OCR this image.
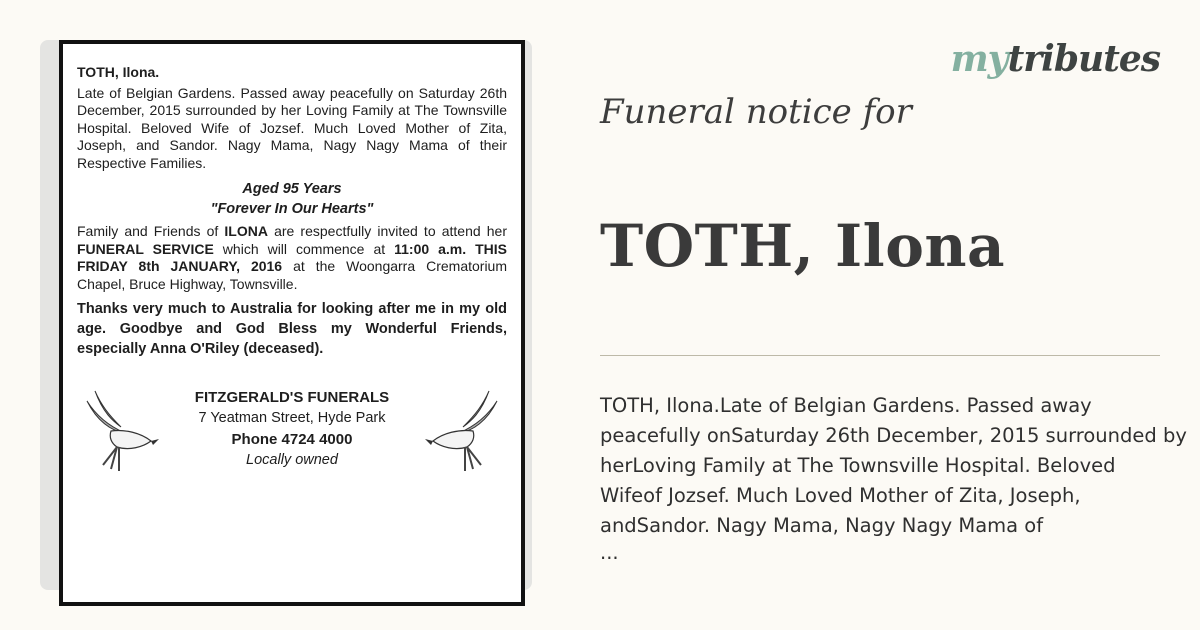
TOTH, Ilona.

Late of Belgian Gardens. Passed away peacefully on Saturday 26th December, 2015 surrounded by her Loving Family at The Townsville Hospital. Beloved Wife of Jozsef. Much Loved Mother of Zita, Joseph, and Sandor. Nagy Mama, Nagy Nagy Mama of their Respective Families.

Aged 95 Years
"Forever In Our Hearts"

Family and Friends of ILONA are respectfully invited to attend her FUNERAL SERVICE which will commence at 11:00 a.m. THIS FRIDAY 8th JANUARY, 2016 at the Woongarra Crematorium Chapel, Bruce Highway, Townsville.

Thanks very much to Australia for looking after me in my old age. Goodbye and God Bless my Wonderful Friends, especially Anna O'Riley (deceased).

FITZGERALD'S FUNERALS
7 Yeatman Street, Hyde Park
Phone 4724 4000
Locally owned
mytributes
Funeral notice for
TOTH, Ilona
TOTH, Ilona.Late of Belgian Gardens. Passed away
peacefully onSaturday 26th December, 2015 surrounded by
herLoving Family at The Townsville Hospital. Beloved
Wifeof Jozsef. Much Loved Mother of Zita, Joseph,
andSandor. Nagy Mama, Nagy Nagy Mama of
...
